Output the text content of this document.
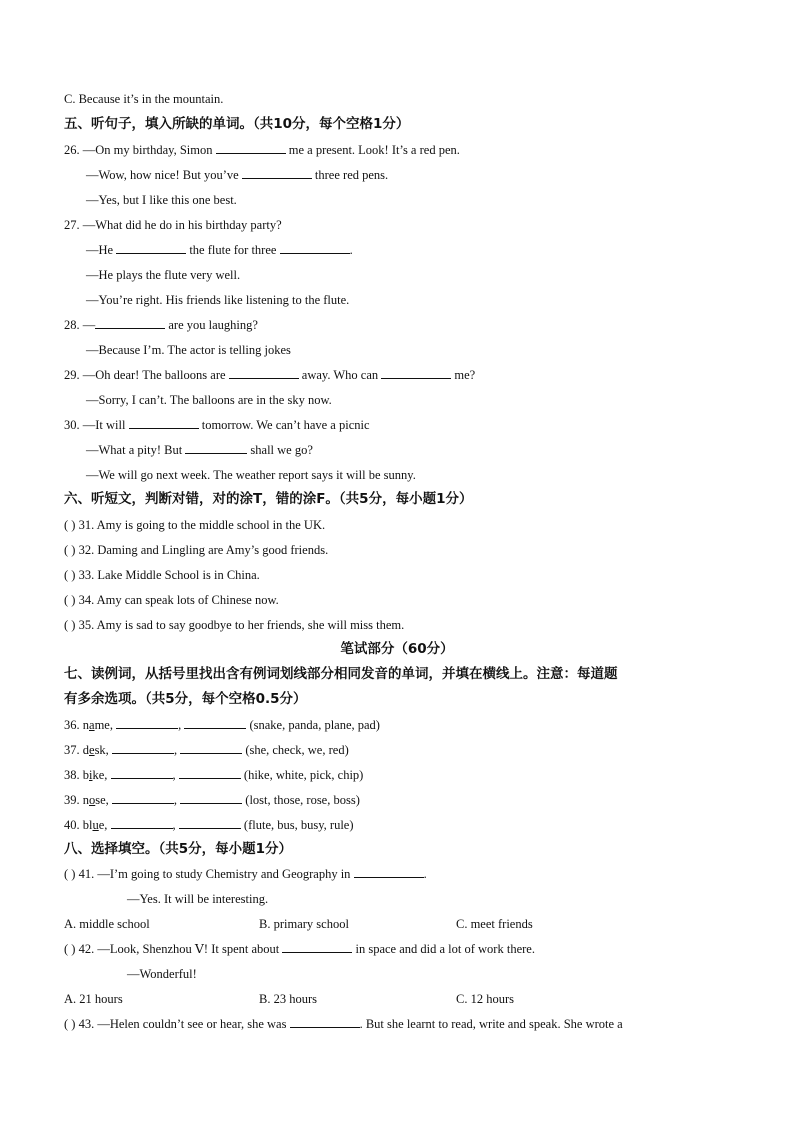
C. Because it’s in the mountain.
五、听句子，填入所缺的单词。（共10分，每个空格1分）
26. —On my birthday, Simon	me a present. Look! It’s a red pen.
—Wow, how nice! But you’ve	three red pens.
—Yes, but I like this one best.
27. —What did he do in his birthday party?
—He	the flute for three	.
—He plays the flute very well.
—You’re right. His friends like listening to the flute.
28. —	are you laughing?
—Because I’m. The actor is telling jokes
29. —Oh dear! The balloons are	away. Who can	me?
—Sorry, I can’t. The balloons are in the sky now.
30. —It will	tomorrow. We can’t have a picnic
—What a pity! But	shall we go?
—We will go next week. The weather report says it will be sunny.
六、听短文，判断对错，对的涂T，错的涂F。（共5分，每小题1分）
( ) 31. Amy is going to the middle school in the UK.
( ) 32. Daming and Lingling are Amy’s good friends.
( ) 33. Lake Middle School is in China.
( ) 34. Amy can speak lots of Chinese now.
( ) 35. Amy is sad to say goodbye to her friends, she will miss them.
笔试部分（60分）
七、读例词，从括号里找出含有例词划线部分相同发音的单词，并填在横线上。注意：每道题
有多余选项。（共5分，每个空格0.5分）
36. name,	,	(snake, panda, plane, pad)
37. desk,	,	(she, check, we, red)
38. bike,	,	(hike, white, pick, chip)
39. nose,	,	(lost, those, rose, boss)
40. blue,	,	(flute, bus, busy, rule)
八、选择填空。（共5分，每小题1分）
( ) 41. —I’m going to study Chemistry and Geography in	.
—Yes. It will be interesting.
A. middle school	B. primary school	C. meet friends
( ) 42. —Look, Shenzhou Ⅴ! It spent about	in space and did a lot of work there.
—Wonderful!
A. 21 hours	B. 23 hours	C. 12 hours
( ) 43. —Helen couldn’t see or hear, she was	. But she learnt to read, write and speak. She wrote a
